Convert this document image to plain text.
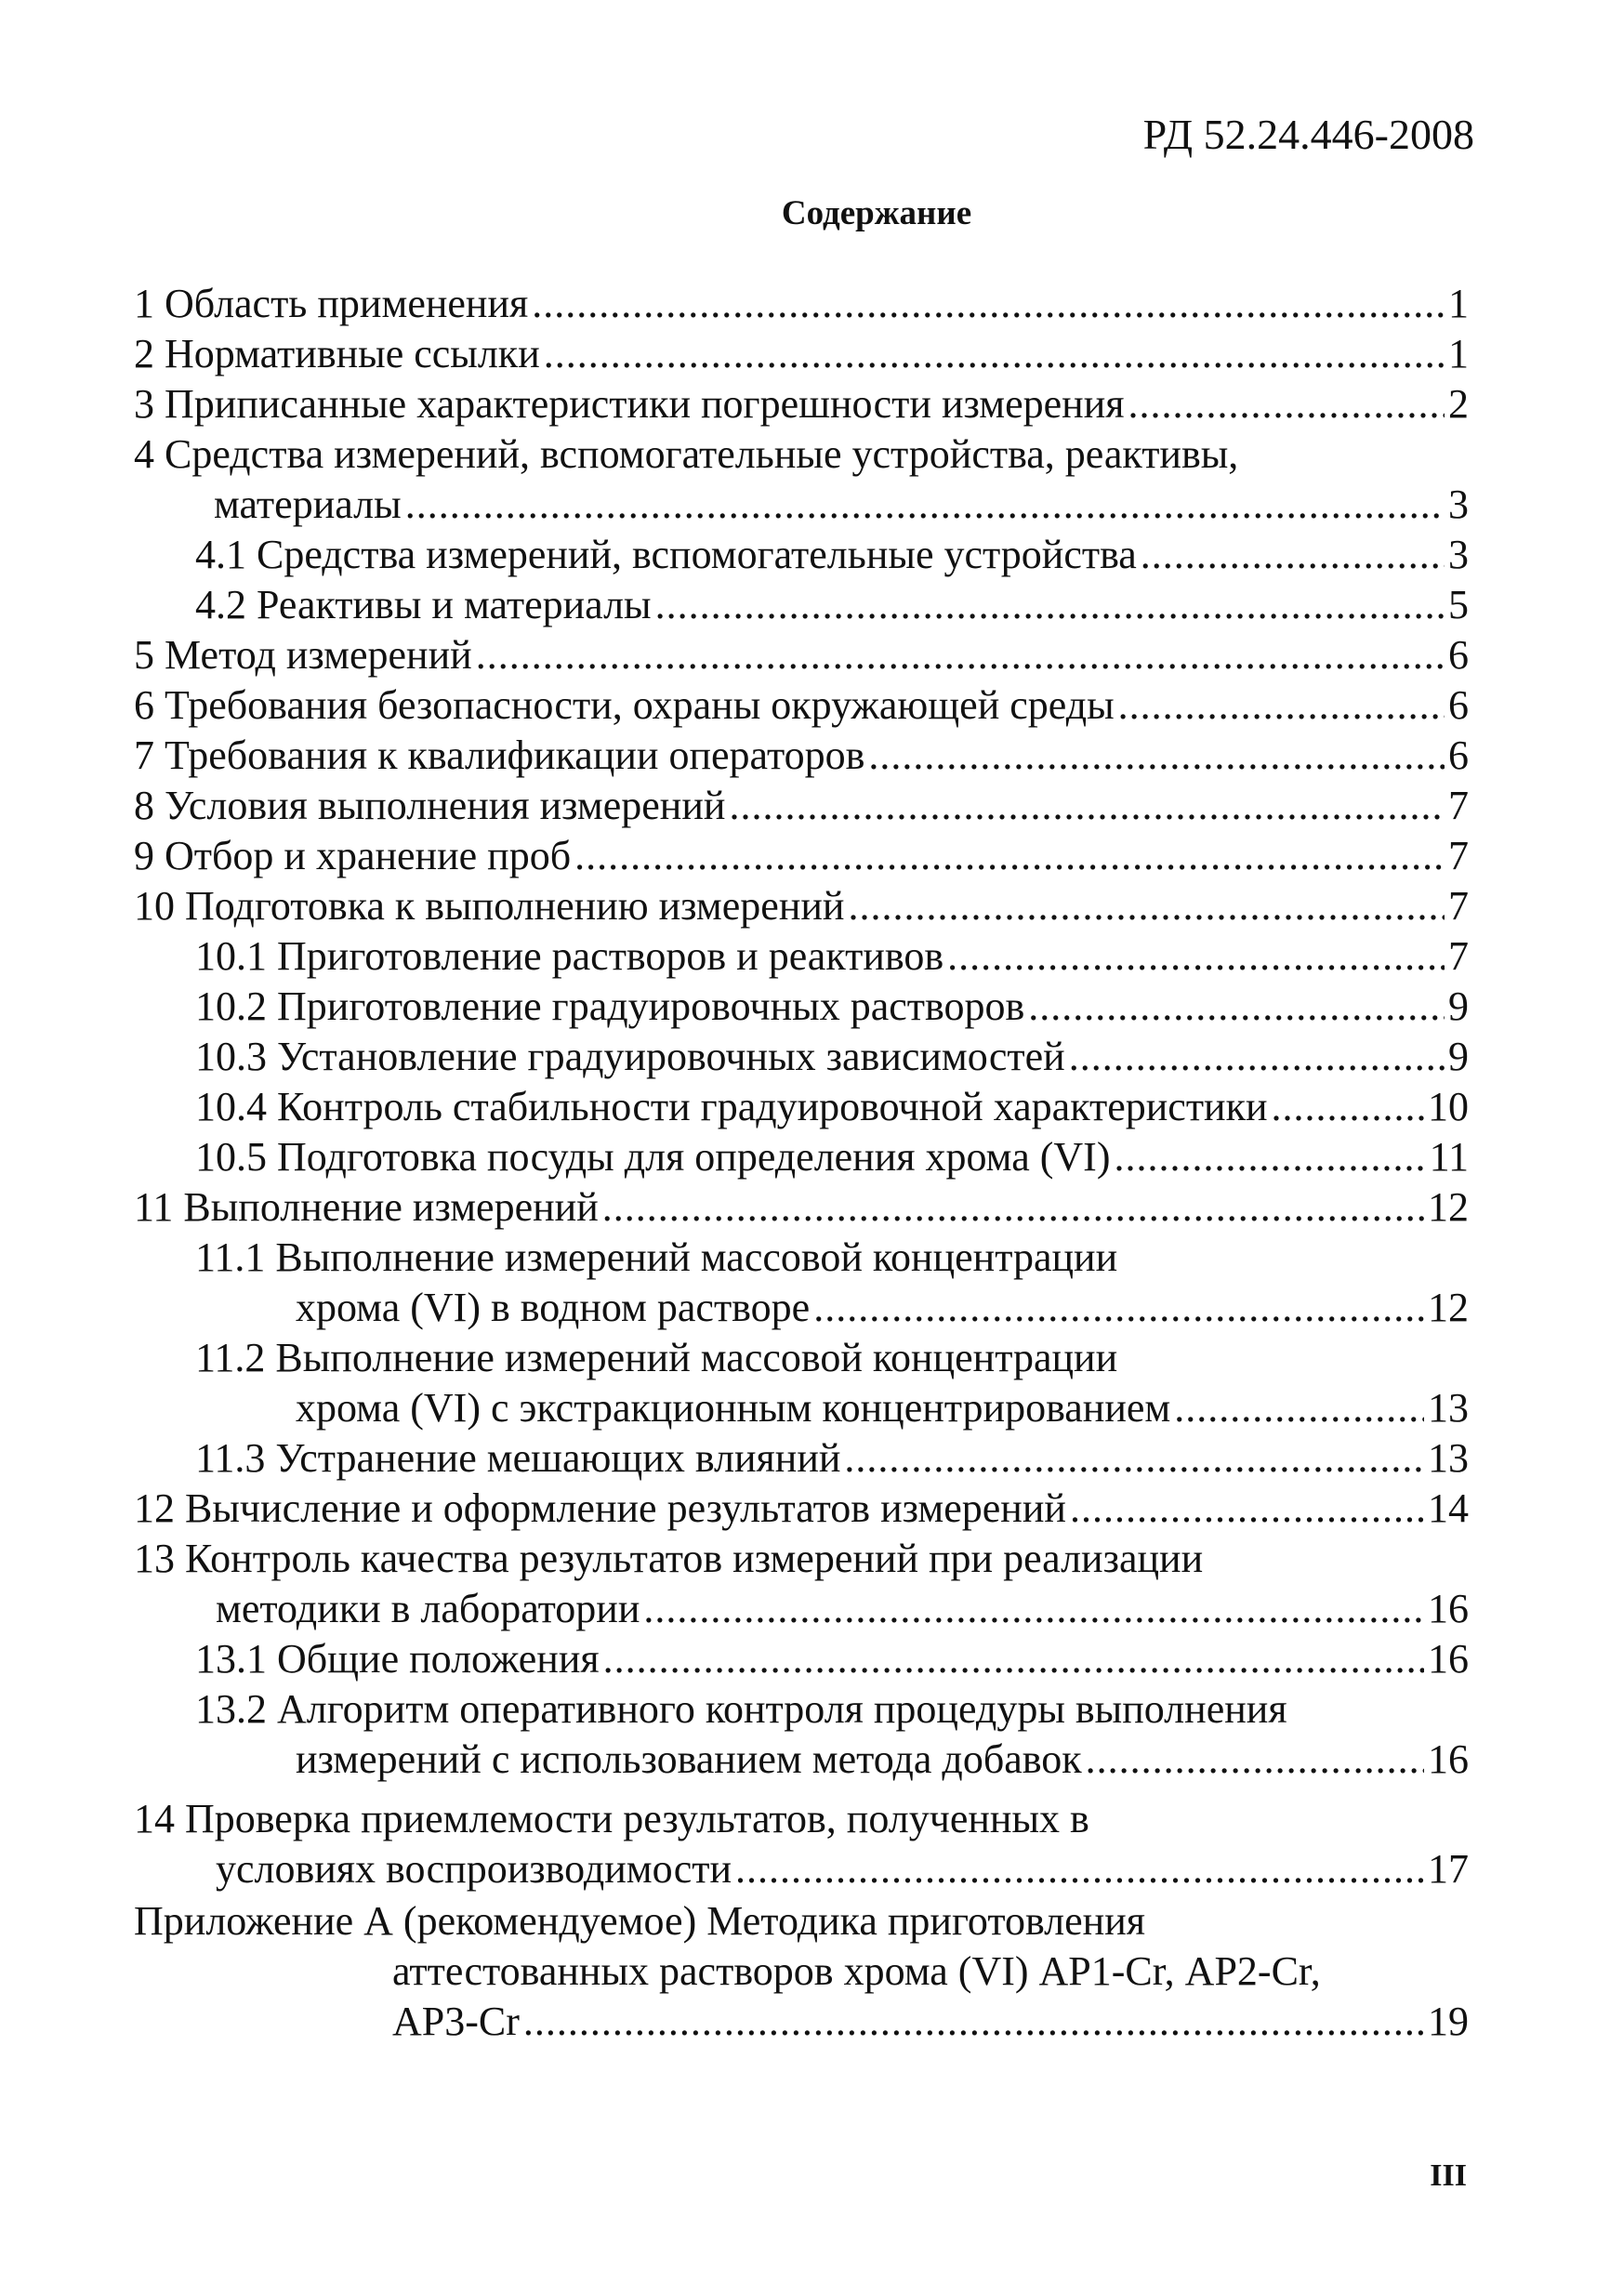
РД 52.24.446-2008
Содержание
1 Область применения .....	1
2 Нормативные ссылки .....	1
3 Приписанные характеристики погрешности измерения .....	2
4 Средства измерений, вспомогательные устройства, реактивы,
материалы .....	3
4.1 Средства измерений, вспомогательные устройства .....	3
4.2 Реактивы и материалы .....	5
5 Метод измерений .....	6
6 Требования безопасности, охраны окружающей среды .....	6
7 Требования к квалификации операторов .....	6
8 Условия выполнения измерений .....	7
9 Отбор и хранение проб .....	7
10 Подготовка к выполнению измерений .....	7
10.1 Приготовление растворов и реактивов .....	7
10.2 Приготовление градуировочных растворов .....	9
10.3 Установление градуировочных зависимостей .....	9
10.4 Контроль стабильности градуировочной характеристики .....	10
10.5 Подготовка посуды для определения хрома (VI) .....	11
11 Выполнение измерений .....	12
11.1 Выполнение измерений массовой концентрации
хрома (VI) в водном растворе .....	12
11.2 Выполнение измерений массовой концентрации
хрома (VI) с экстракционным концентрированием .....	13
11.3 Устранение мешающих влияний .....	13
12 Вычисление и оформление результатов измерений .....	14
13 Контроль качества результатов измерений при реализации
методики в лаборатории .....	16
13.1 Общие положения .....	16
13.2 Алгоритм оперативного контроля процедуры выполнения
измерений с использованием метода добавок .....	16
14 Проверка приемлемости результатов, полученных в
условиях воспроизводимости .....	17
Приложение А (рекомендуемое) Методика приготовления
аттестованных растворов хрома (VI) АР1-Cr, АР2-Cr,
АР3-Cr .....	19
III
